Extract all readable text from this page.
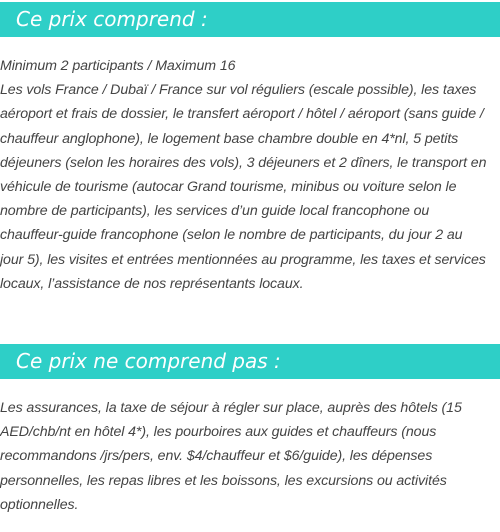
Ce prix comprend :
Minimum 2 participants / Maximum 16
Les vols France / Dubaï / France sur vol réguliers (escale possible), les taxes
aéroport et frais de dossier, le transfert aéroport / hôtel / aéroport (sans guide /
chauffeur anglophone), le logement base chambre double en 4*nl, 5 petits
déjeuners (selon les horaires des vols), 3 déjeuners et 2 dîners, le transport en
véhicule de tourisme (autocar Grand tourisme, minibus ou voiture selon le
nombre de participants), les services d’un guide local francophone ou
chauffeur-guide francophone (selon le nombre de participants, du jour 2 au
jour 5), les visites et entrées mentionnées au programme, les taxes et services
locaux, l’assistance de nos représentants locaux.
Ce prix ne comprend pas :
Les assurances, la taxe de séjour à régler sur place, auprès des hôtels (15
AED/chb/nt en hôtel 4*), les pourboires aux guides et chauffeurs (nous
recommandons /jrs/pers, env. $4/chauffeur et $6/guide), les dépenses
personnelles, les repas libres et les boissons, les excursions ou activités
optionnelles.
